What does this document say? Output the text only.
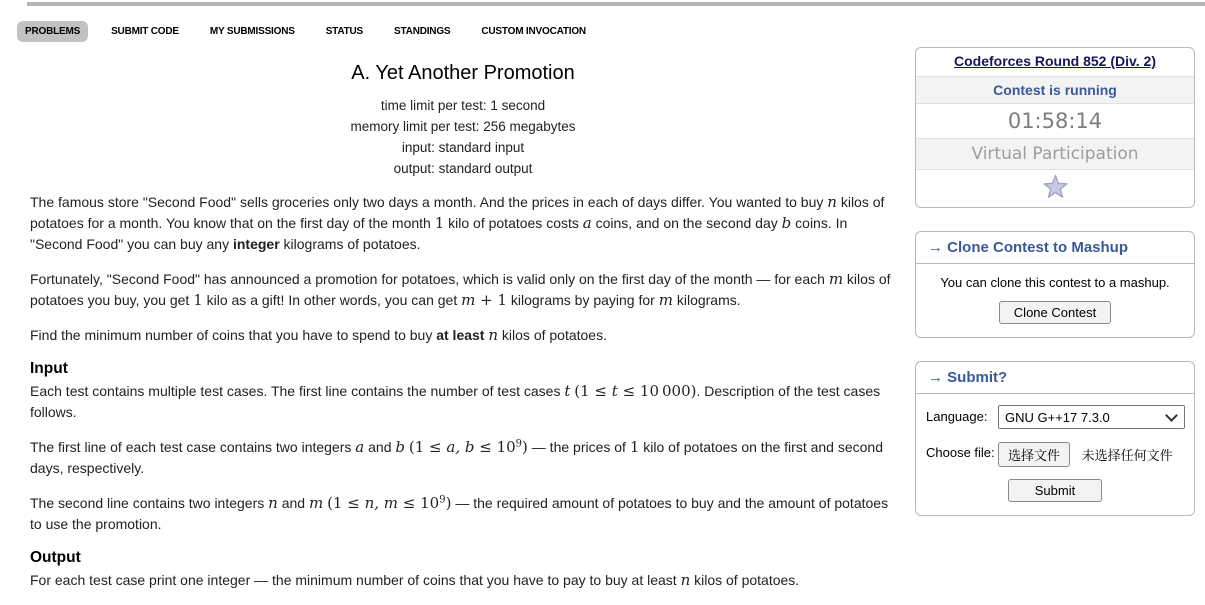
PROBLEMS	SUBMIT CODE	MY SUBMISSIONS	STATUS	STANDINGS	CUSTOM INVOCATION
A. Yet Another Promotion
time limit per test: 1 second
memory limit per test: 256 megabytes
input: standard input
output: standard output
The famous store "Second Food" sells groceries only two days a month. And the prices in each of days differ. You wanted to buy n kilos of potatoes for a month. You know that on the first day of the month 1 kilo of potatoes costs a coins, and on the second day b coins. In "Second Food" you can buy any integer kilograms of potatoes.
Fortunately, "Second Food" has announced a promotion for potatoes, which is valid only on the first day of the month — for each m kilos of potatoes you buy, you get 1 kilo as a gift! In other words, you can get m + 1 kilograms by paying for m kilograms.
Find the minimum number of coins that you have to spend to buy at least n kilos of potatoes.
Input
Each test contains multiple test cases. The first line contains the number of test cases t (1 ≤ t ≤ 10 000). Description of the test cases follows.
The first line of each test case contains two integers a and b (1 ≤ a, $b \le 10^9$) — the prices of 1 kilo of potatoes on the first and second days, respectively.
The second line contains two integers n and m (1 ≤ n, $m \le 10^9$) — the required amount of potatoes to buy and the amount of potatoes to use the promotion.
Output
For each test case print one integer — the minimum number of coins that you have to pay to buy at least n kilos of potatoes.
Codeforces Round 852 (Div. 2)
Contest is running
01:58:14
Virtual Participation
→ Clone Contest to Mashup
You can clone this contest to a mashup.
Clone Contest
→ Submit?
Language:
GNU G++17 7.3.0
Choose file:	选择文件 未选择任何文件
Submit
